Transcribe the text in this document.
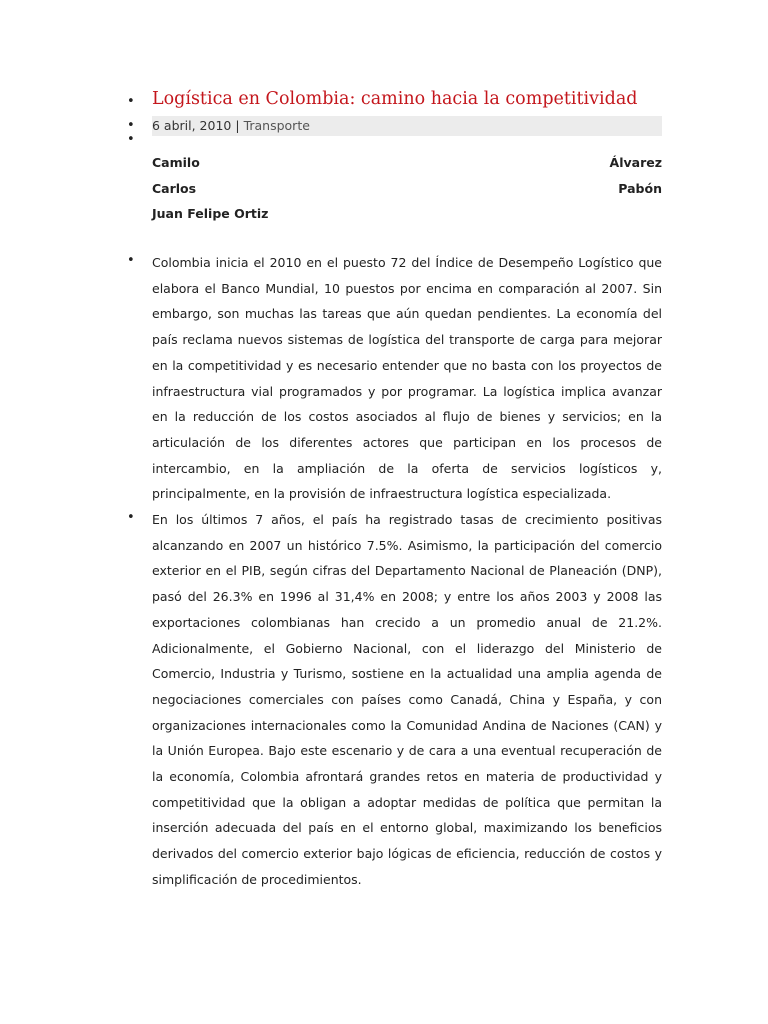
• Logística en Colombia: camino hacia la competitividad
• 6 abril, 2010 | Transporte
•
Camilo	Álvarez
Carlos	Pabón
Juan Felipe Ortiz
• Colombia inicia el 2010 en el puesto 72 del Índice de Desempeño Logístico que elabora el Banco Mundial, 10 puestos por encima en comparación al 2007. Sin embargo, son muchas las tareas que aún quedan pendientes. La economía del país reclama nuevos sistemas de logística del transporte de carga para mejorar en la competitividad y es necesario entender que no basta con los proyectos de infraestructura vial programados y por programar. La logística implica avanzar en la reducción de los costos asociados al flujo de bienes y servicios; en la articulación de los diferentes actores que participan en los procesos de intercambio, en la ampliación de la oferta de servicios logísticos y, principalmente, en la provisión de infraestructura logística especializada.

• En los últimos 7 años, el país ha registrado tasas de crecimiento positivas alcanzando en 2007 un histórico 7.5%. Asimismo, la participación del comercio exterior en el PIB, según cifras del Departamento Nacional de Planeación (DNP), pasó del 26.3% en 1996 al 31,4% en 2008; y entre los años 2003 y 2008 las exportaciones colombianas han crecido a un promedio anual de 21.2%. Adicionalmente, el Gobierno Nacional, con el liderazgo del Ministerio de Comercio, Industria y Turismo, sostiene en la actualidad una amplia agenda de negociaciones comerciales con países como Canadá, China y España, y con organizaciones internacionales como la Comunidad Andina de Naciones (CAN) y la Unión Europea. Bajo este escenario y de cara a una eventual recuperación de la economía, Colombia afrontará grandes retos en materia de productividad y competitividad que la obligan a adoptar medidas de política que permitan la inserción adecuada del país en el entorno global, maximizando los beneficios derivados del comercio exterior bajo lógicas de eficiencia, reducción de costos y simplificación de procedimientos.
